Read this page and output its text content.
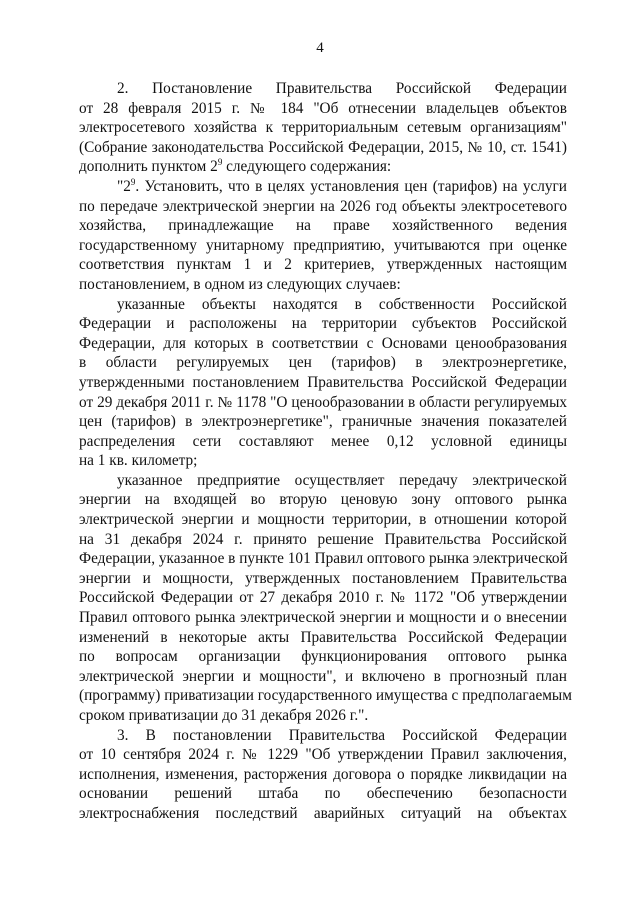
4
2. Постановление Правительства Российской Федерации
от 28 февраля 2015 г. № 184 "Об отнесении владельцев объектов
электросетевого хозяйства к территориальным сетевым организациям"
(Собрание законодательства Российской Федерации, 2015, № 10, ст. 1541)
дополнить пунктом $2^9$ следующего содержания:
"$2^9$. Установить, что в целях установления цен (тарифов) на услуги
по передаче электрической энергии на 2026 год объекты электросетевого
хозяйства, принадлежащие на праве хозяйственного ведения
государственному унитарному предприятию, учитываются при оценке
соответствия пунктам 1 и 2 критериев, утвержденных настоящим
постановлением, в одном из следующих случаев:
указанные объекты находятся в собственности Российской
Федерации и расположены на территории субъектов Российской
Федерации, для которых в соответствии с Основами ценообразования
в области регулируемых цен (тарифов) в электроэнергетике,
утвержденными постановлением Правительства Российской Федерации
от 29 декабря 2011 г. № 1178 "О ценообразовании в области регулируемых
цен (тарифов) в электроэнергетике", граничные значения показателей
распределения сети составляют менее 0,12 условной единицы
на 1 кв. километр;
указанное предприятие осуществляет передачу электрической
энергии на входящей во вторую ценовую зону оптового рынка
электрической энергии и мощности территории, в отношении которой
на 31 декабря 2024 г. принято решение Правительства Российской
Федерации, указанное в пункте 101 Правил оптового рынка электрической
энергии и мощности, утвержденных постановлением Правительства
Российской Федерации от 27 декабря 2010 г. № 1172 "Об утверждении
Правил оптового рынка электрической энергии и мощности и о внесении
изменений в некоторые акты Правительства Российской Федерации
по вопросам организации функционирования оптового рынка
электрической энергии и мощности", и включено в прогнозный план
(программу) приватизации государственного имущества с предполагаемым
сроком приватизации до 31 декабря 2026 г.".
3. В постановлении Правительства Российской Федерации
от 10 сентября 2024 г. № 1229 "Об утверждении Правил заключения,
исполнения, изменения, расторжения договора о порядке ликвидации на
основании решений штаба по обеспечению безопасности
электроснабжения последствий аварийных ситуаций на объектах
